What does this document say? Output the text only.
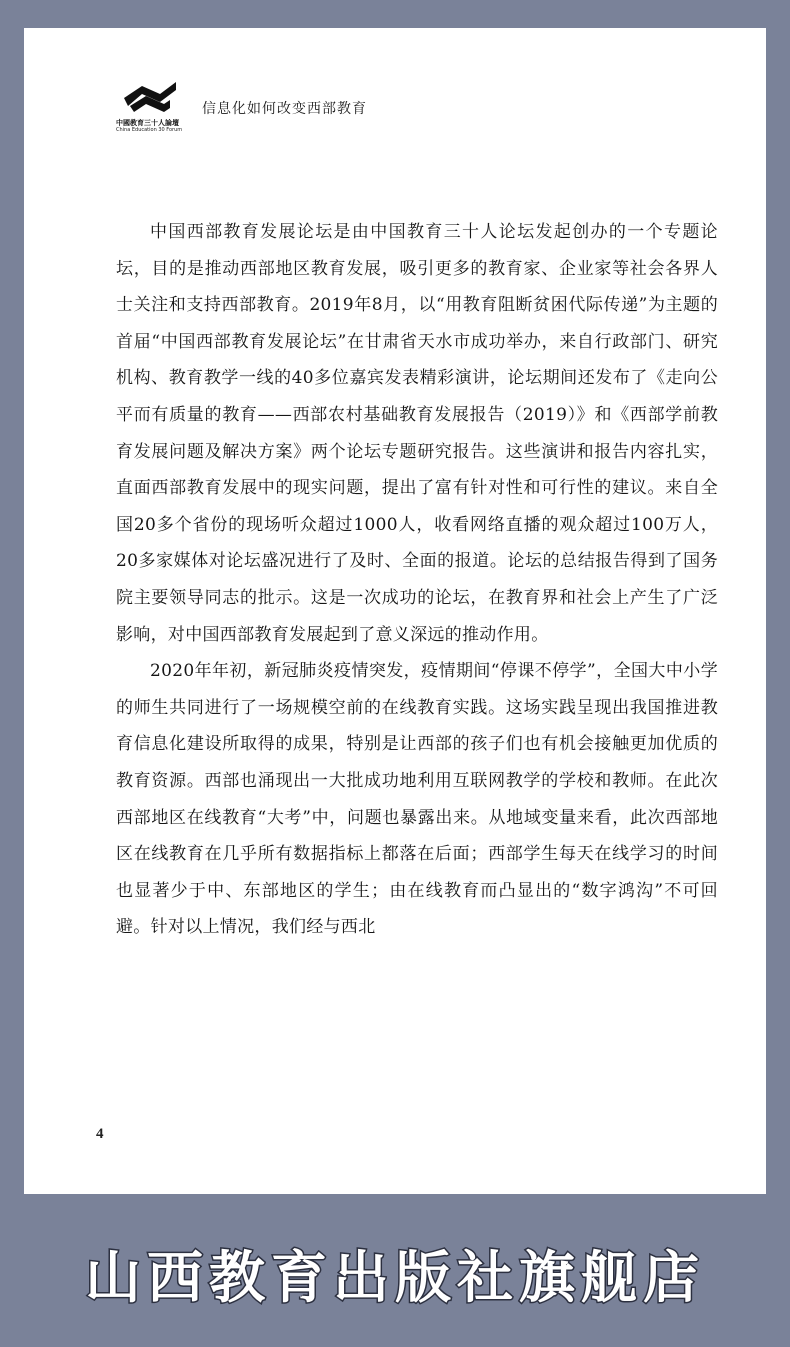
中國教育三十人論壇
China Education 30 Forum
信息化如何改变西部教育

中国西部教育发展论坛是由中国教育三十人论坛发起创办的一个专题论坛，目的是推动西部地区教育发展，吸引更多的教育家、企业家等社会各界人士关注和支持西部教育。2019年8月，以“用教育阻断贫困代际传递”为主题的首届“中国西部教育发展论坛”在甘肃省天水市成功举办，来自行政部门、研究机构、教育教学一线的40多位嘉宾发表精彩演讲，论坛期间还发布了《走向公平而有质量的教育——西部农村基础教育发展报告（2019）》和《西部学前教育发展问题及解决方案》两个论坛专题研究报告。这些演讲和报告内容扎实，直面西部教育发展中的现实问题，提出了富有针对性和可行性的建议。来自全国20多个省份的现场听众超过1000人，收看网络直播的观众超过100万人，20多家媒体对论坛盛况进行了及时、全面的报道。论坛的总结报告得到了国务院主要领导同志的批示。这是一次成功的论坛，在教育界和社会上产生了广泛影响，对中国西部教育发展起到了意义深远的推动作用。

2020年年初，新冠肺炎疫情突发，疫情期间“停课不停学”，全国大中小学的师生共同进行了一场规模空前的在线教育实践。这场实践呈现出我国推进教育信息化建设所取得的成果，特别是让西部的孩子们也有机会接触更加优质的教育资源。西部也涌现出一大批成功地利用互联网教学的学校和教师。在此次西部地区在线教育“大考”中，问题也暴露出来。从地域变量来看，此次西部地区在线教育在几乎所有数据指标上都落在后面；西部学生每天在线学习的时间也显著少于中、东部地区的学生；由在线教育而凸显出的“数字鸿沟”不可回避。针对以上情况，我们经与西北

4
山西教育出版社旗舰店
